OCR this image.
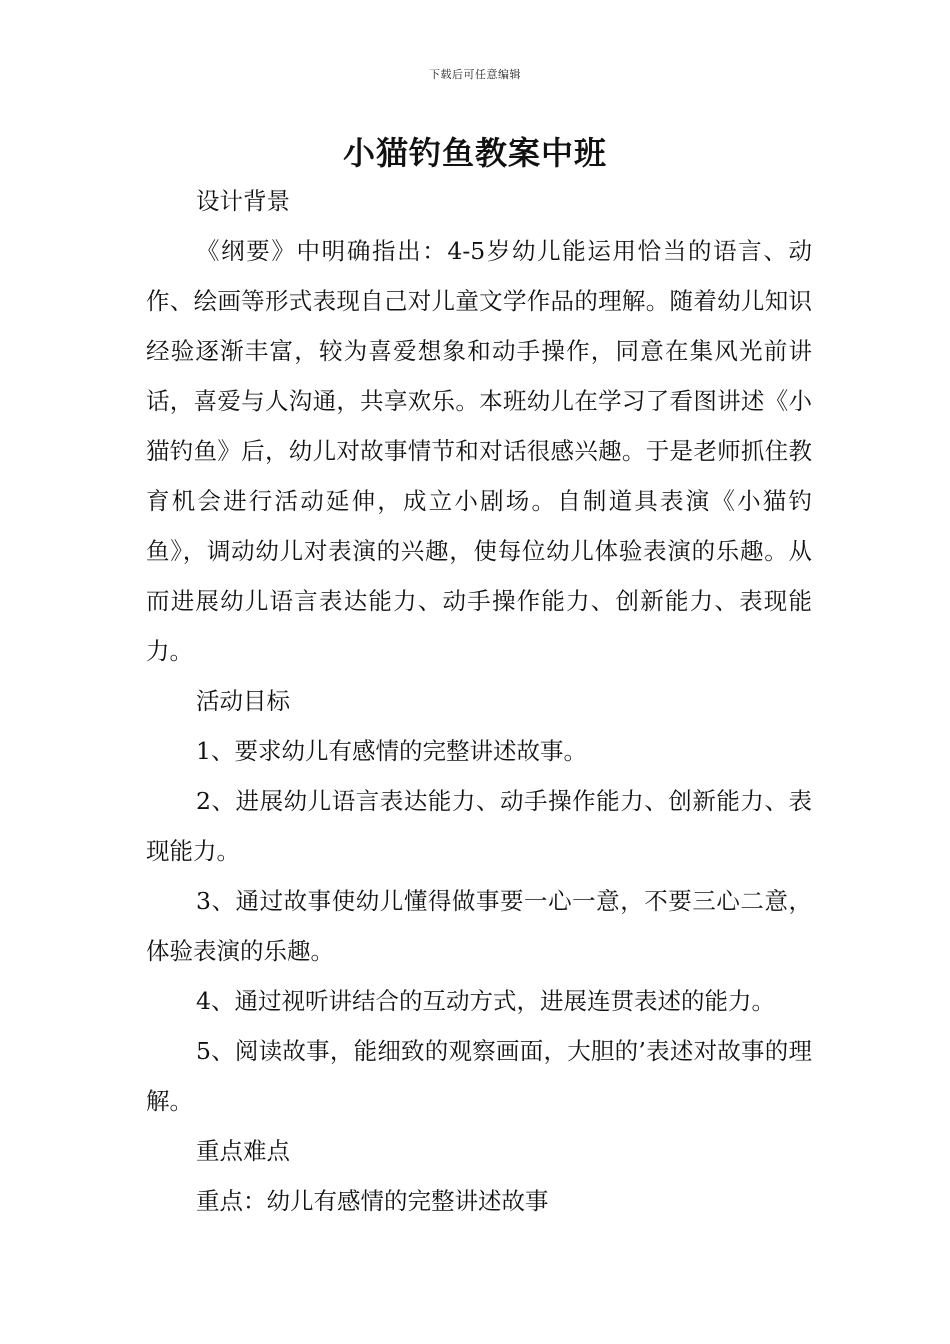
下载后可任意编辑
小猫钓鱼教案中班

设计背景

《纲要》中明确指出：4-5岁幼儿能运用恰当的语言、动作、绘画等形式表现自己对儿童文学作品的理解。随着幼儿知识经验逐渐丰富，较为喜爱想象和动手操作，同意在集风光前讲话，喜爱与人沟通，共享欢乐。本班幼儿在学习了看图讲述《小猫钓鱼》后，幼儿对故事情节和对话很感兴趣。于是老师抓住教育机会进行活动延伸，成立小剧场。自制道具表演《小猫钓鱼》，调动幼儿对表演的兴趣，使每位幼儿体验表演的乐趣。从而进展幼儿语言表达能力、动手操作能力、创新能力、表现能力。

活动目标

1、要求幼儿有感情的完整讲述故事。

2、进展幼儿语言表达能力、动手操作能力、创新能力、表现能力。

3、通过故事使幼儿懂得做事要一心一意，不要三心二意，体验表演的乐趣。

4、通过视听讲结合的互动方式，进展连贯表述的能力。

5、阅读故事，能细致的观察画面，大胆的’表述对故事的理解。

重点难点

重点：幼儿有感情的完整讲述故事
